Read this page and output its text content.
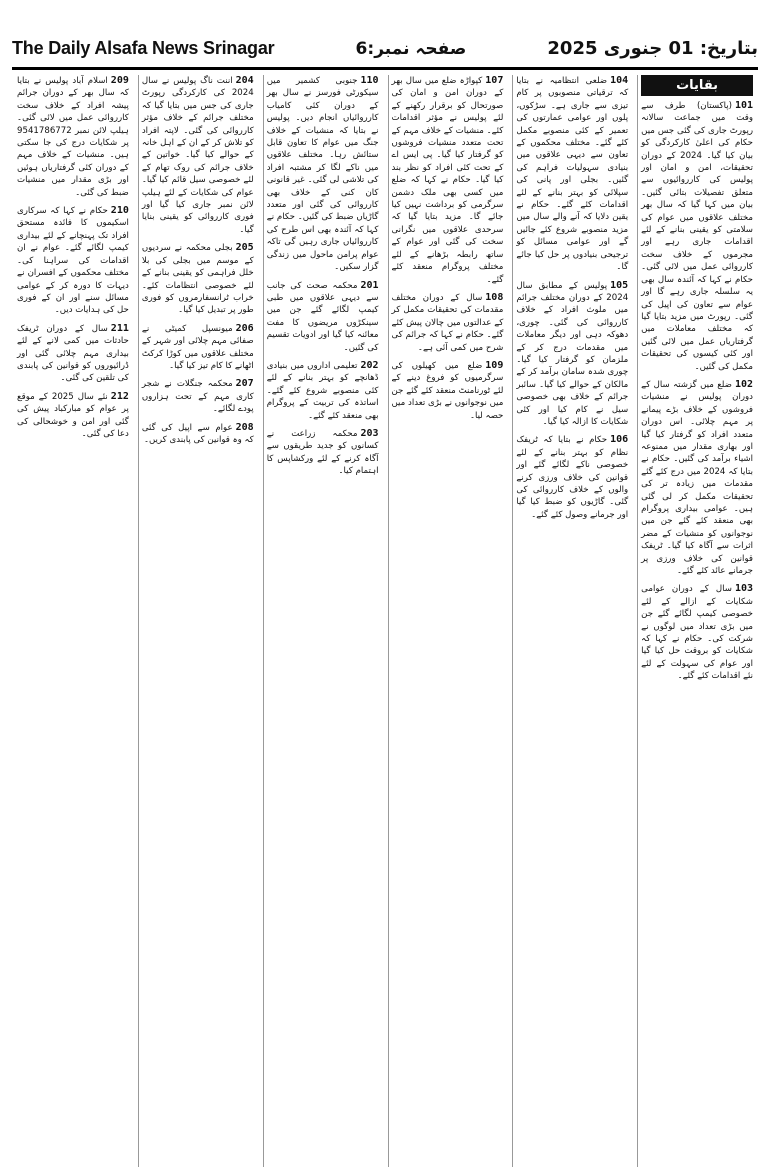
The Daily Alsafa News Srinagar	صفحہ نمبر:6	بتاریخ: 01 جنوری 2025
بقایات
101(پاکستان) طرف سے وقت میں جماعت سالانہ رپورٹ جاری کی گئی جس میں حکام کی اعلیٰ کارکردگی کو بیان کیا گیا۔ 2024 کے دوران تحقیقات، امن و امان اور پولیس کی کارروائیوں سے متعلق تفصیلات بتائی گئیں۔ بیان میں کہا گیا کہ سال بھر مختلف علاقوں میں عوام کی سلامتی کو یقینی بنانے کے لئے اقدامات جاری رہے اور مجرموں کے خلاف سخت کارروائی عمل میں لائی گئی۔ حکام نے کہا کہ آئندہ سال بھی یہ سلسلہ جاری رہے گا اور عوام سے تعاون کی اپیل کی گئی۔ رپورٹ میں مزید بتایا گیا کہ مختلف معاملات میں گرفتاریاں عمل میں لائی گئیں اور کئی کیسوں کی تحقیقات مکمل کی گئیں۔
102ضلع میں گزشتہ سال کے دوران پولیس نے منشیات فروشوں کے خلاف بڑے پیمانے پر مہم چلائی۔ اس دوران متعدد افراد کو گرفتار کیا گیا اور بھاری مقدار میں ممنوعہ اشیاء برآمد کی گئیں۔ حکام نے بتایا کہ 2024 میں درج کئے گئے مقدمات میں زیادہ تر کی تحقیقات مکمل کر لی گئی ہیں۔ عوامی بیداری پروگرام بھی منعقد کئے گئے جن میں نوجوانوں کو منشیات کے مضر اثرات سے آگاہ کیا گیا۔ ٹریفک قوانین کی خلاف ورزی پر جرمانے عائد کئے گئے۔
103سال کے دوران عوامی شکایات کے ازالے کے لئے خصوصی کیمپ لگائے گئے جن میں بڑی تعداد میں لوگوں نے شرکت کی۔ حکام نے کہا کہ شکایات کو بروقت حل کیا گیا اور عوام کی سہولت کے لئے نئے اقدامات کئے گئے۔
104ضلعی انتظامیہ نے بتایا کہ ترقیاتی منصوبوں پر کام تیزی سے جاری ہے۔ سڑکوں، پلوں اور عوامی عمارتوں کی تعمیر کے کئی منصوبے مکمل کئے گئے۔ مختلف محکموں کے تعاون سے دیہی علاقوں میں بنیادی سہولیات فراہم کی گئیں۔ بجلی اور پانی کی سپلائی کو بہتر بنانے کے لئے اقدامات کئے گئے۔ حکام نے یقین دلایا کہ آنے والے سال میں مزید منصوبے شروع کئے جائیں گے اور عوامی مسائل کو ترجیحی بنیادوں پر حل کیا جائے گا۔
105پولیس کے مطابق سال 2024 کے دوران مختلف جرائم میں ملوث افراد کے خلاف کارروائی کی گئی۔ چوری، دھوکہ دہی اور دیگر معاملات میں مقدمات درج کر کے ملزمان کو گرفتار کیا گیا۔ چوری شدہ سامان برآمد کر کے مالکان کے حوالے کیا گیا۔ سائبر جرائم کے خلاف بھی خصوصی سیل نے کام کیا اور کئی شکایات کا ازالہ کیا گیا۔
106حکام نے بتایا کہ ٹریفک نظام کو بہتر بنانے کے لئے خصوصی ناکے لگائے گئے اور قوانین کی خلاف ورزی کرنے والوں کے خلاف کارروائی کی گئی۔ گاڑیوں کو ضبط کیا گیا اور جرمانے وصول کئے گئے۔
107کپواڑہ ضلع میں سال بھر کے دوران امن و امان کی صورتحال کو برقرار رکھنے کے لئے پولیس نے مؤثر اقدامات کئے۔ منشیات کے خلاف مہم کے تحت متعدد منشیات فروشوں کو گرفتار کیا گیا۔ پی ایس اے کے تحت کئی افراد کو نظر بند کیا گیا۔ حکام نے کہا کہ ضلع میں کسی بھی ملک دشمن سرگرمی کو برداشت نہیں کیا جائے گا۔ مزید بتایا گیا کہ سرحدی علاقوں میں نگرانی سخت کی گئی اور عوام کے ساتھ رابطہ بڑھانے کے لئے مختلف پروگرام منعقد کئے گئے۔
108سال کے دوران مختلف مقدمات کی تحقیقات مکمل کر کے عدالتوں میں چالان پیش کئے گئے۔ حکام نے کہا کہ جرائم کی شرح میں کمی آئی ہے۔
109ضلع میں کھیلوں کی سرگرمیوں کو فروغ دینے کے لئے ٹورنامنٹ منعقد کئے گئے جن میں نوجوانوں نے بڑی تعداد میں حصہ لیا۔
110جنوبی کشمیر میں سیکورٹی فورسز نے سال بھر کے دوران کئی کامیاب کارروائیاں انجام دیں۔ پولیس نے بتایا کہ منشیات کے خلاف جنگ میں عوام کا تعاون قابل ستائش رہا۔ مختلف علاقوں میں ناکے لگا کر مشتبہ افراد کی تلاشی لی گئی۔ غیر قانونی کان کنی کے خلاف بھی کارروائی کی گئی اور متعدد گاڑیاں ضبط کی گئیں۔ حکام نے کہا کہ آئندہ بھی اس طرح کی کارروائیاں جاری رہیں گی تاکہ عوام پرامن ماحول میں زندگی گزار سکیں۔
201محکمہ صحت کی جانب سے دیہی علاقوں میں طبی کیمپ لگائے گئے جن میں سینکڑوں مریضوں کا مفت معائنہ کیا گیا اور ادویات تقسیم کی گئیں۔
202تعلیمی اداروں میں بنیادی ڈھانچے کو بہتر بنانے کے لئے کئی منصوبے شروع کئے گئے۔ اساتذہ کی تربیت کے پروگرام بھی منعقد کئے گئے۔
203محکمہ زراعت نے کسانوں کو جدید طریقوں سے آگاہ کرنے کے لئے ورکشاپس کا اہتمام کیا۔
204اننت ناگ پولیس نے سال 2024 کی کارکردگی رپورٹ جاری کی جس میں بتایا گیا کہ مختلف جرائم کے خلاف مؤثر کارروائی کی گئی۔ لاپتہ افراد کو تلاش کر کے ان کے اہل خانہ کے حوالے کیا گیا۔ خواتین کے خلاف جرائم کی روک تھام کے لئے خصوصی سیل قائم کیا گیا۔ عوام کی شکایات کے لئے ہیلپ لائن نمبر جاری کیا گیا اور فوری کارروائی کو یقینی بنایا گیا۔
205بجلی محکمہ نے سردیوں کے موسم میں بجلی کی بلا خلل فراہمی کو یقینی بنانے کے لئے خصوصی انتظامات کئے۔ خراب ٹرانسفارمروں کو فوری طور پر تبدیل کیا گیا۔
206میونسپل کمیٹی نے صفائی مہم چلائی اور شہر کے مختلف علاقوں میں کوڑا کرکٹ اٹھانے کا کام تیز کیا گیا۔
207محکمہ جنگلات نے شجر کاری مہم کے تحت ہزاروں پودے لگائے۔
208عوام سے اپیل کی گئی کہ وہ قوانین کی پابندی کریں۔
209اسلام آباد پولیس نے بتایا کہ سال بھر کے دوران جرائم پیشہ افراد کے خلاف سخت کارروائی عمل میں لائی گئی۔ ہیلپ لائن نمبر 9541786772 پر شکایات درج کی جا سکتی ہیں۔ منشیات کے خلاف مہم کے دوران کئی گرفتاریاں ہوئیں اور بڑی مقدار میں منشیات ضبط کی گئی۔
210حکام نے کہا کہ سرکاری اسکیموں کا فائدہ مستحق افراد تک پہنچانے کے لئے بیداری کیمپ لگائے گئے۔ عوام نے ان اقدامات کی سراہنا کی۔ مختلف محکموں کے افسران نے دیہات کا دورہ کر کے عوامی مسائل سنے اور ان کے فوری حل کی ہدایات دیں۔
211سال کے دوران ٹریفک حادثات میں کمی لانے کے لئے بیداری مہم چلائی گئی اور ڈرائیوروں کو قوانین کی پابندی کی تلقین کی گئی۔
212نئے سال 2025 کے موقع پر عوام کو مبارکباد پیش کی گئی اور امن و خوشحالی کی دعا کی گئی۔
